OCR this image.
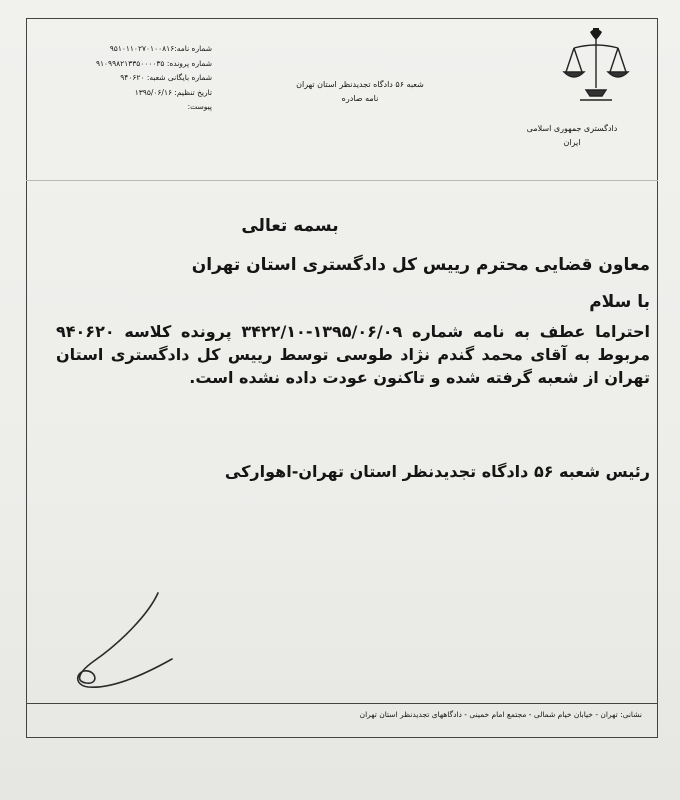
دادگستری جمهوری اسلامی
ایران
شعبه ۵۶ دادگاه تجدیدنظر استان تهران
نامه صادره
شماره نامه:۹۵۱۰۱۱۰۲۷۰۱۰۰۸۱۶
شماره پرونده: ۹۱۰۹۹۸۲۱۳۳۵۰۰۰۰۳۵
شماره بایگانی شعبه: ۹۴۰۶۲۰
تاریخ تنظیم: ۱۳۹۵/۰۶/۱۶
پیوست:
بسمه تعالی
معاون قضایی محترم ریيس کل دادگستری استان تهران
با سلام
احتراما عطف به نامه شماره ۱۳۹۵/۰۶/۰۹-۳۴۲۲/۱۰ پرونده کلاسه ۹۴۰۶۲۰ مربوط به آقای محمد گندم نژاد طوسی توسط ریيس کل دادگستری استان تهران از شعبه گرفته شده و تاکنون عودت داده نشده است.
رئیس شعبه ۵۶ دادگاه تجدیدنظر استان تهران-اهوارکی
نشانی: تهران - خیابان خیام شمالی - مجتمع امام خمینی - دادگاههای تجدیدنظر استان تهران
